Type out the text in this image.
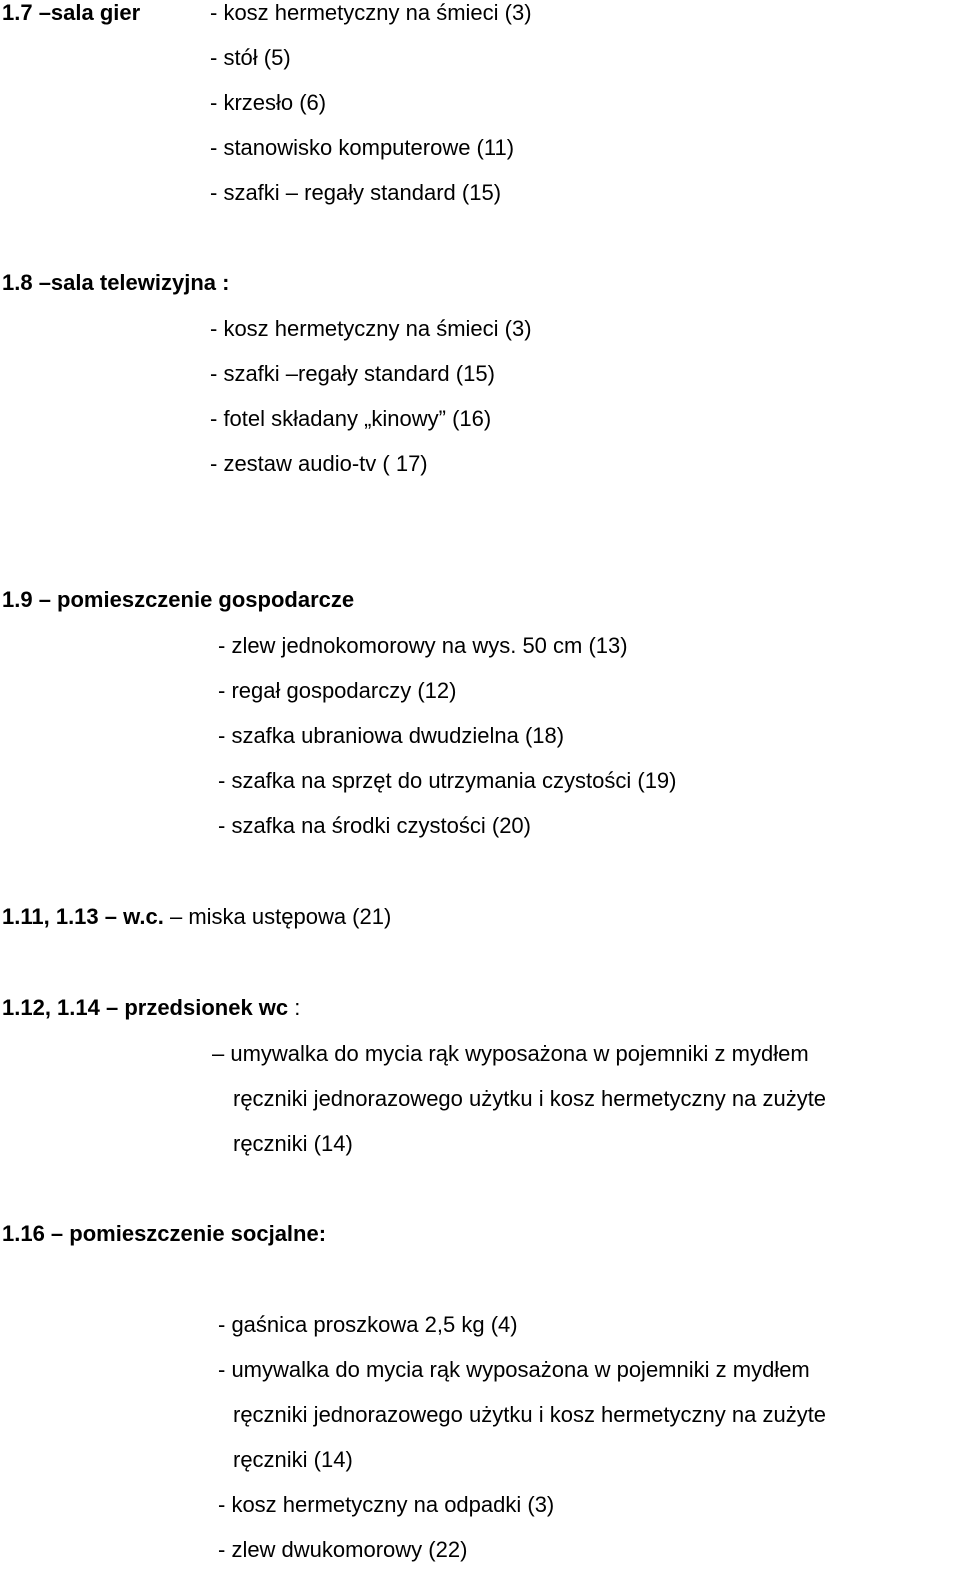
1.7 –sala gier	- kosz hermetyczny na śmieci (3)
- stół (5)
- krzesło (6)
- stanowisko komputerowe (11)
- szafki – regały standard (15)
1.8 –sala telewizyjna :
- kosz hermetyczny na śmieci (3)
- szafki –regały standard (15)
- fotel składany „kinowy” (16)
- zestaw audio-tv ( 17)
1.9 – pomieszczenie gospodarcze
- zlew jednokomorowy na wys. 50 cm (13)
- regał gospodarczy (12)
- szafka ubraniowa dwudzielna (18)
- szafka na sprzęt do utrzymania czystości (19)
- szafka na środki czystości (20)
1.11, 1.13 – w.c. – miska ustępowa (21)
1.12, 1.14 – przedsionek wc :
– umywalka do mycia rąk wyposażona w pojemniki z mydłem
ręczniki jednorazowego użytku i kosz hermetyczny na zużyte
ręczniki (14)
1.16 – pomieszczenie socjalne:
- gaśnica proszkowa 2,5 kg (4)
- umywalka do mycia rąk wyposażona w pojemniki z mydłem
ręczniki jednorazowego użytku i kosz hermetyczny na zużyte
ręczniki (14)
- kosz hermetyczny na odpadki (3)
- zlew dwukomorowy (22)
